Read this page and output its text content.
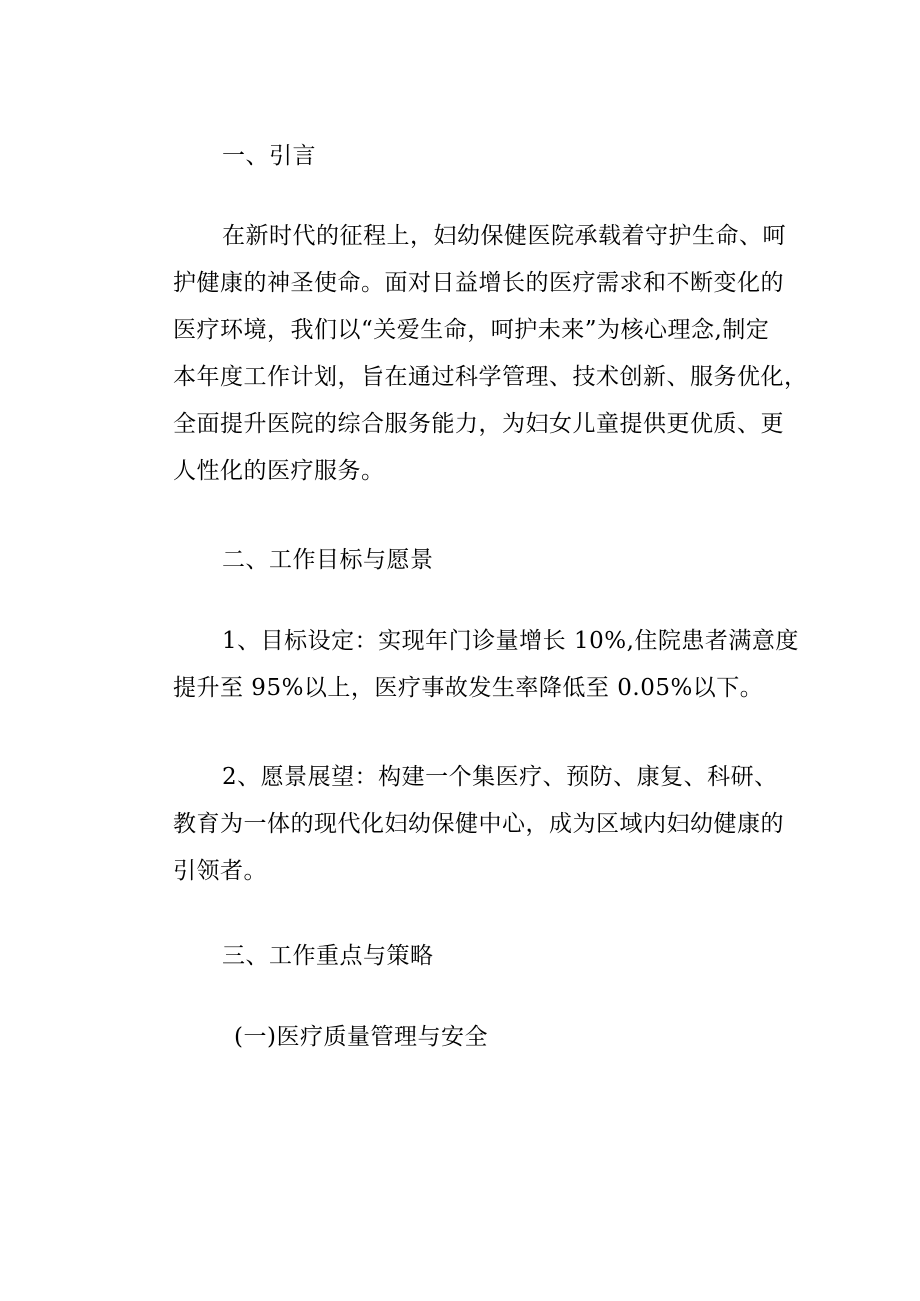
一、引言
在新时代的征程上，妇幼保健医院承载着守护生命、呵
护健康的神圣使命。面对日益增长的医疗需求和不断变化的
医疗环境，我们以“关爱生命，呵护未来”为核心理念,制定
本年度工作计划，旨在通过科学管理、技术创新、服务优化，
全面提升医院的综合服务能力，为妇女儿童提供更优质、更
人性化的医疗服务。
二、工作目标与愿景
1、目标设定：实现年门诊量增长 10%,住院患者满意度
提升至 95%以上，医疗事故发生率降低至 0.05%以下。
2、愿景展望：构建一个集医疗、预防、康复、科研、
教育为一体的现代化妇幼保健中心，成为区域内妇幼健康的
引领者。
三、工作重点与策略
(一)医疗质量管理与安全
